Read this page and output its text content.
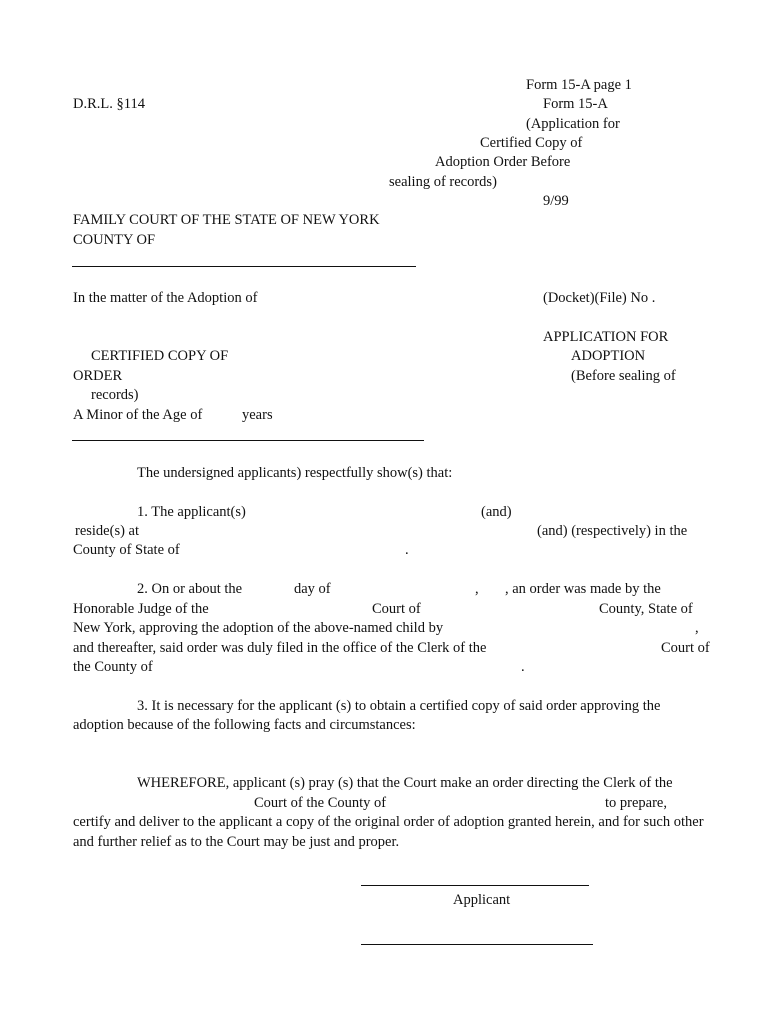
Form 15-A page 1
D.R.L. §114	Form 15-A
(Application for
Certified Copy of
Adoption Order Before
sealing of records)
9/99
FAMILY COURT OF THE STATE OF NEW YORK
COUNTY OF
In the matter of the Adoption of	(Docket)(File) No .
APPLICATION FOR
CERTIFIED COPY OF	ADOPTION
ORDER	(Before sealing of
records)
A Minor of the Age of	years
The undersigned applicants) respectfully show(s) that:
1. The applicant(s)	(and)
reside(s) at	(and) (respectively) in the
County of State of	.
2. On or about the	day of	, , an order was made by the
Honorable Judge of the	Court of	County, State of
New York, approving the adoption of the above-named child by	,
and thereafter, said order was duly filed in the office of the Clerk of the	Court of
the County of	.
3. It is necessary for the applicant (s) to obtain a certified copy of said order approving the
adoption because of the following facts and circumstances:
WHEREFORE, applicant (s) pray (s) that the Court make an order directing the Clerk of the
Court of the County of	to prepare,
certify and deliver to the applicant a copy of the original order of adoption granted herein, and for such other
and further relief as to the Court may be just and proper.
Applicant
